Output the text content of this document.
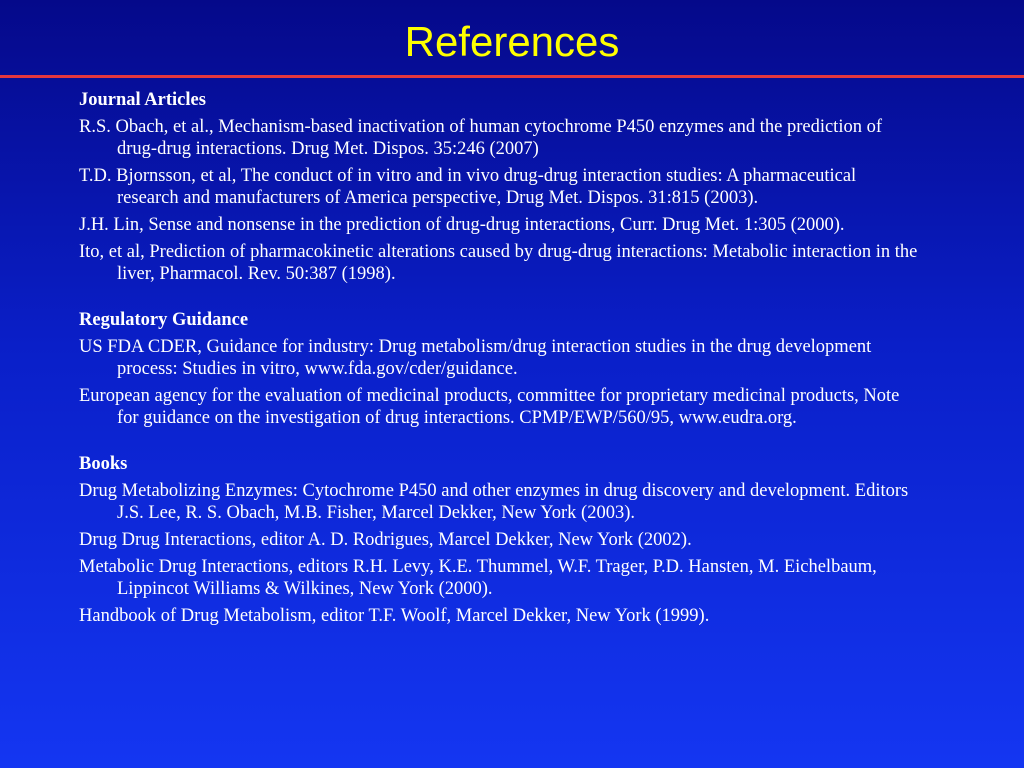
References
Journal Articles
R.S. Obach, et al., Mechanism-based inactivation of human cytochrome P450 enzymes and the prediction of drug-drug interactions. Drug Met. Dispos. 35:246 (2007)
T.D. Bjornsson, et al, The conduct of in vitro and in vivo drug-drug interaction studies: A pharmaceutical research and manufacturers of America perspective, Drug Met. Dispos. 31:815 (2003).
J.H. Lin, Sense and nonsense in the prediction of drug-drug interactions, Curr. Drug Met. 1:305 (2000).
Ito, et al, Prediction of pharmacokinetic alterations caused by drug-drug interactions: Metabolic interaction in the liver, Pharmacol. Rev. 50:387 (1998).
Regulatory Guidance
US FDA CDER, Guidance for industry: Drug metabolism/drug interaction studies in the drug development process: Studies in vitro, www.fda.gov/cder/guidance.
European agency for the evaluation of medicinal products, committee for proprietary medicinal products, Note for guidance on the investigation of drug interactions. CPMP/EWP/560/95, www.eudra.org.
Books
Drug Metabolizing Enzymes: Cytochrome P450 and other enzymes in drug discovery and development. Editors J.S. Lee, R. S. Obach, M.B. Fisher, Marcel Dekker, New York (2003).
Drug Drug Interactions, editor A. D. Rodrigues, Marcel Dekker, New York (2002).
Metabolic Drug Interactions, editors R.H. Levy, K.E. Thummel, W.F. Trager, P.D. Hansten, M. Eichelbaum, Lippincot Williams & Wilkines, New York (2000).
Handbook of Drug Metabolism, editor T.F. Woolf, Marcel Dekker, New York (1999).
